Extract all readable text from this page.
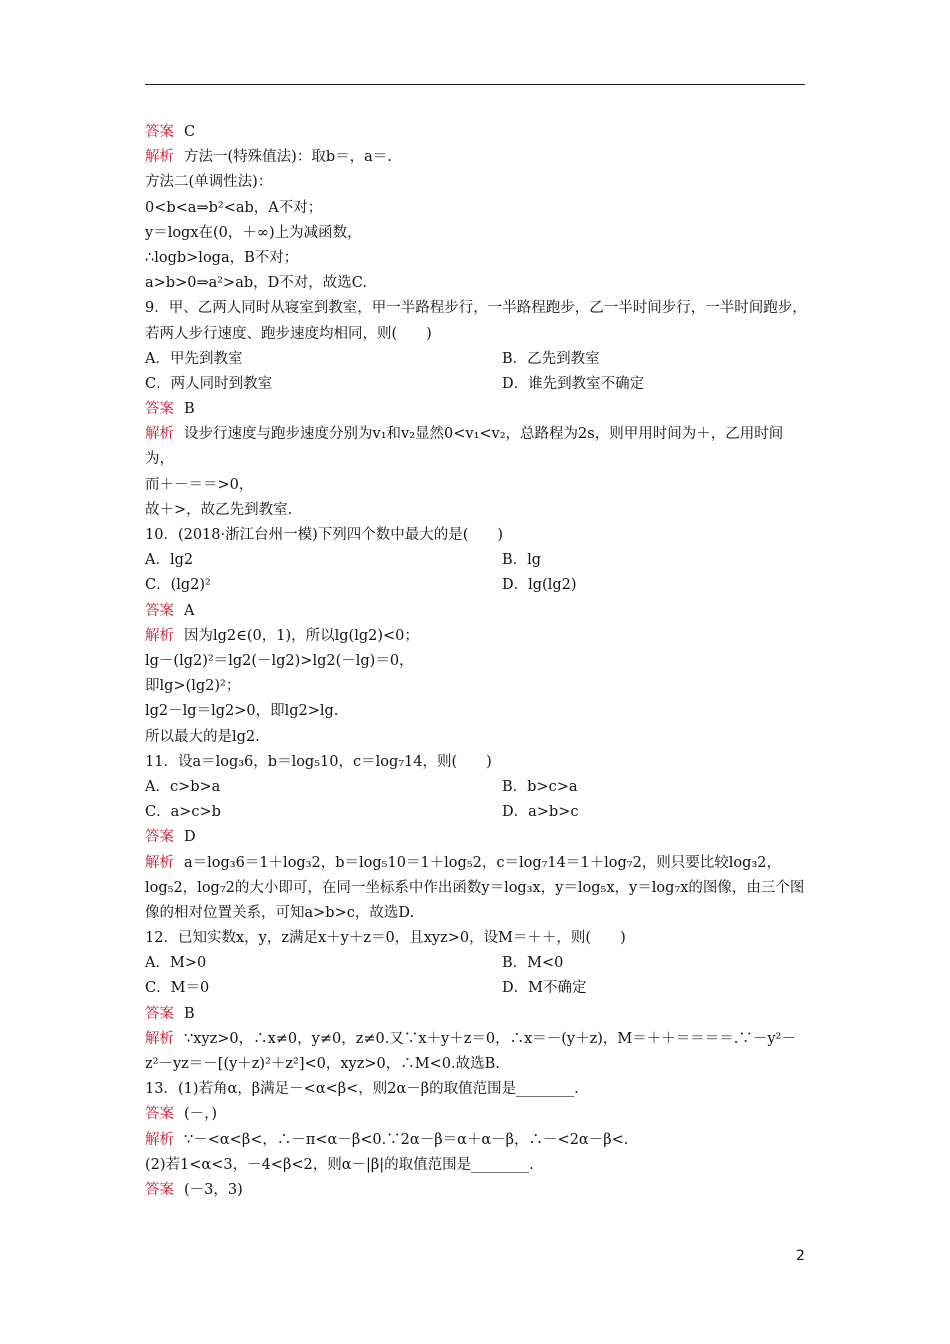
答案 C
解析 方法一(特殊值法)：取b＝，a＝.
方法二(单调性法)：
0<b<a⇒b²<ab，A不对；
y＝logx在(0，＋∞)上为减函数，
∴logb>loga，B不对；
a>b>0⇒a²>ab，D不对，故选C.
9．甲、乙两人同时从寝室到教室，甲一半路程步行，一半路程跑步，乙一半时间步行，一半时间跑步，若两人步行速度、跑步速度均相同，则(　　)
A．甲先到教室	B．乙先到教室
C．两人同时到教室	D．谁先到教室不确定
答案 B
解析 设步行速度与跑步速度分别为v₁和v₂显然0<v₁<v₂，总路程为2s，则甲用时间为＋，乙用时间为，
而＋－＝＝>0，
故＋>，故乙先到教室.
10．(2018·浙江台州一模)下列四个数中最大的是(　　)
A．lg2	B．lg
C．(lg2)²	D．lg(lg2)
答案 A
解析 因为lg2∈(0，1)，所以lg(lg2)<0；
lg－(lg2)²＝lg2(－lg2)>lg2(－lg)＝0，
即lg>(lg2)²；
lg2－lg＝lg2>0，即lg2>lg.
所以最大的是lg2.
11．设a＝log₃6，b＝log₅10，c＝log₇14，则(　　)
A．c>b>a	B．b>c>a
C．a>c>b	D．a>b>c
答案 D
解析 a＝log₃6＝1＋log₃2，b＝log₅10＝1＋log₅2，c＝log₇14＝1＋log₇2，则只要比较log₃2，log₅2，log₇2的大小即可，在同一坐标系中作出函数y＝log₃x，y＝log₅x，y＝log₇x的图像，由三个图像的相对位置关系，可知a>b>c，故选D.
12．已知实数x，y，z满足x＋y＋z＝0，且xyz>0，设M＝＋＋，则(　　)
A．M>0	B．M<0
C．M＝0	D．M不确定
答案 B
解析 ∵xyz>0，∴x≠0，y≠0，z≠0.又∵x＋y＋z＝0，∴x＝－(y＋z)，M＝＋＋＝＝＝＝.∵－y²－z²－yz＝－[(y＋z)²＋z²]<0，xyz>0，∴M<0.故选B.
13．(1)若角α，β满足－<α<β<，则2α－β的取值范围是________.
答案 (－，)
解析 ∵－<α<β<，∴－π<α－β<0.∵2α－β＝α＋α－β，∴－<2α－β<.
(2)若1<α<3，－4<β<2，则α－|β|的取值范围是________.
答案 (－3，3)
2
